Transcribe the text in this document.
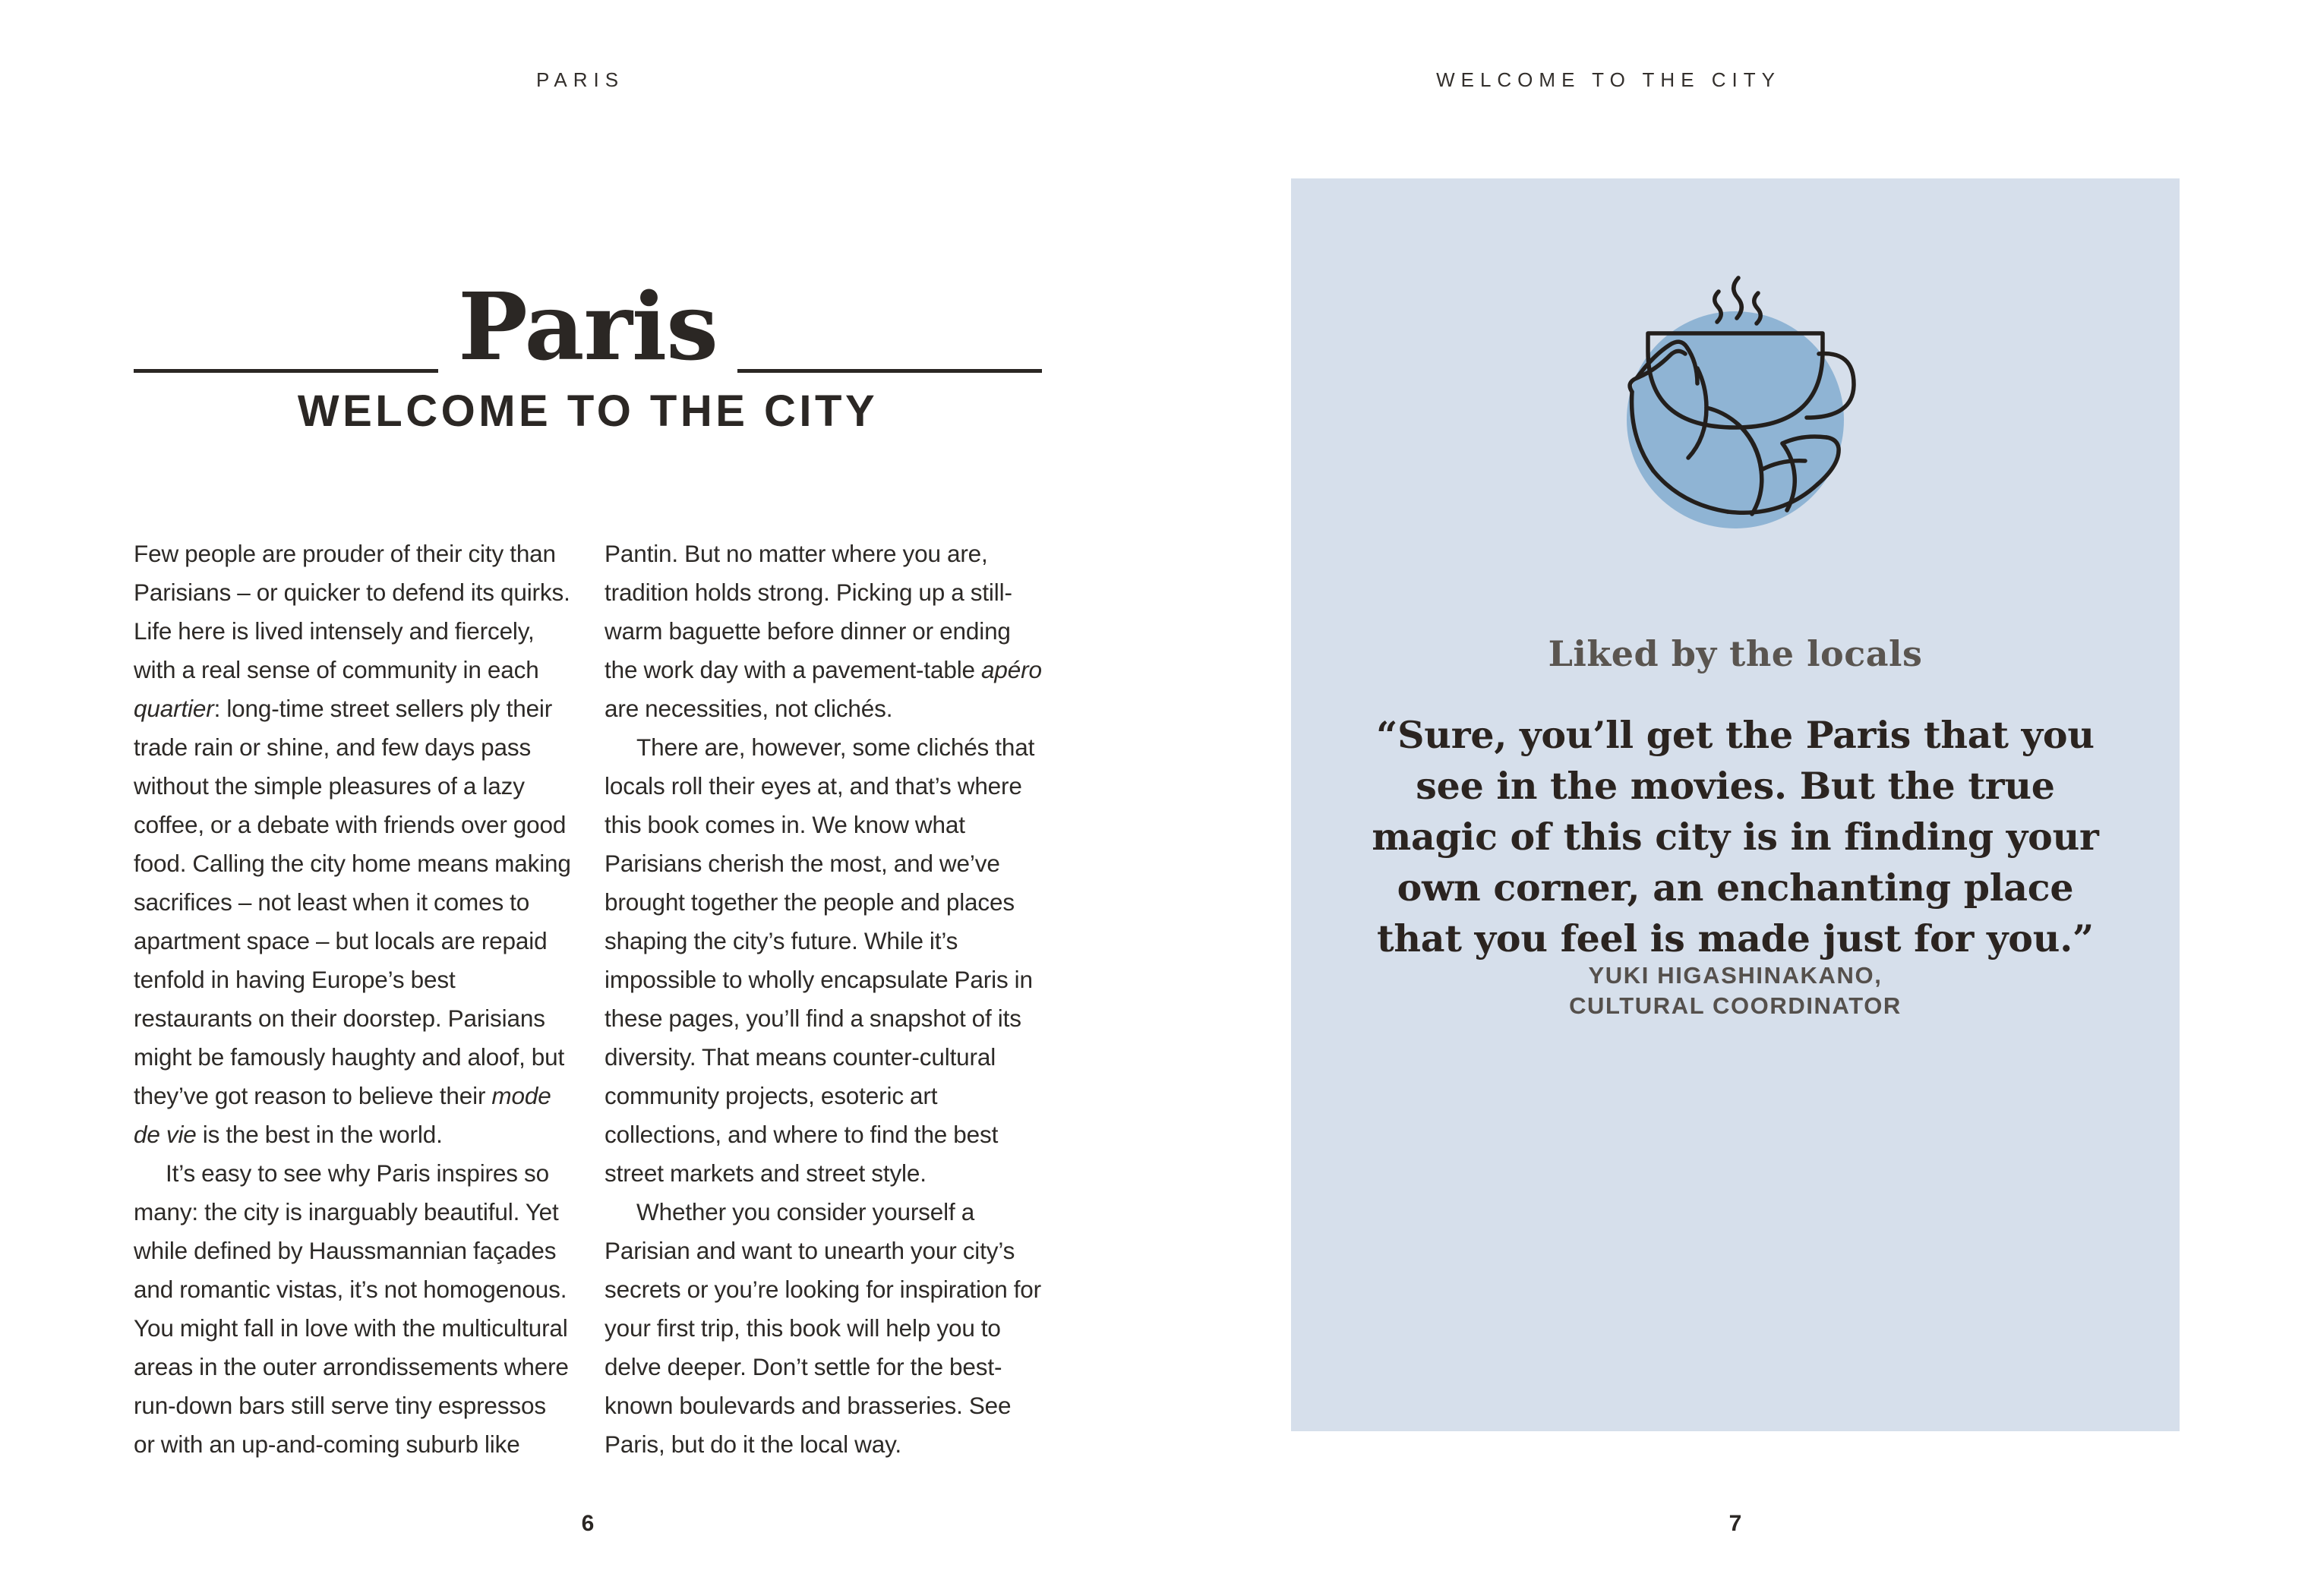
PARIS	WELCOME TO THE CITY
Paris
WELCOME TO THE CITY

Few people are prouder of their city than Parisians – or quicker to defend its quirks. Life here is lived intensely and fiercely, with a real sense of community in each quartier: long-time street sellers ply their trade rain or shine, and few days pass without the simple pleasures of a lazy coffee, or a debate with friends over good food. Calling the city home means making sacrifices – not least when it comes to apartment space – but locals are repaid tenfold in having Europe’s best restaurants on their doorstep. Parisians might be famously haughty and aloof, but they’ve got reason to believe their mode de vie is the best in the world.

It’s easy to see why Paris inspires so many: the city is inarguably beautiful. Yet while defined by Haussmannian façades and romantic vistas, it’s not homogenous. You might fall in love with the multicultural areas in the outer arrondissements where run-down bars still serve tiny espressos or with an up-and-coming suburb like

Pantin. But no matter where you are, tradition holds strong. Picking up a still-warm baguette before dinner or ending the work day with a pavement-table apéro are necessities, not clichés.

There are, however, some clichés that locals roll their eyes at, and that’s where this book comes in. We know what Parisians cherish the most, and we’ve brought together the people and places shaping the city’s future. While it’s impossible to wholly encapsulate Paris in these pages, you’ll find a snapshot of its diversity. That means counter-cultural community projects, esoteric art collections, and where to find the best street markets and street style.

Whether you consider yourself a Parisian and want to unearth your city’s secrets or you’re looking for inspiration for your first trip, this book will help you to delve deeper. Don’t settle for the best-known boulevards and brasseries. See Paris, but do it the local way.

Liked by the locals
“Sure, you’ll get the Paris that you see in the movies. But the true magic of this city is in finding your own corner, an enchanting place that you feel is made just for you.”
YUKI HIGASHINAKANO,
CULTURAL COORDINATOR
6	7
